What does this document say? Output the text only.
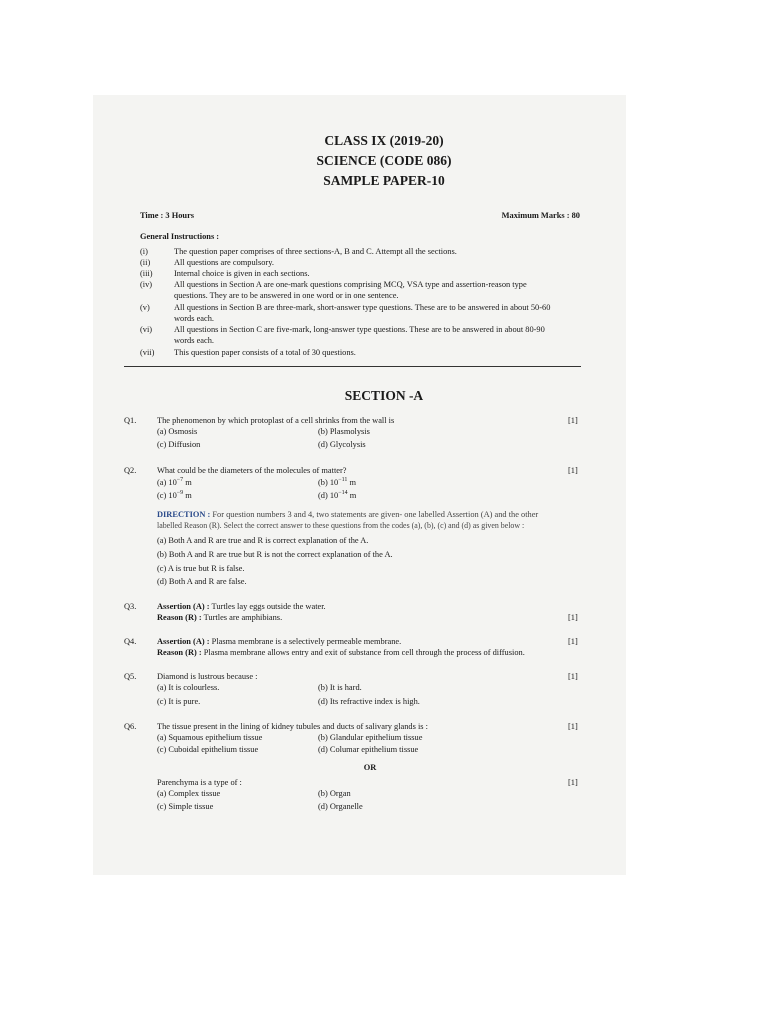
CLASS IX (2019-20)
SCIENCE (CODE 086)
SAMPLE PAPER-10
Time : 3 Hours	Maximum Marks : 80
General Instructions :
(i)	The question paper comprises of three sections-A, B and C. Attempt all the sections.
(ii)	All questions are compulsory.
(iii)	Internal choice is given in each sections.
(iv)	All questions in Section A are one-mark questions comprising MCQ, VSA type and assertion-reason type
questions. They are to be answered in one word or in one sentence.
(v)	All questions in Section B are three-mark, short-answer type questions. These are to be answered in about 50-60
words each.
(vi)	All questions in Section C are five-mark, long-answer type questions. These are to be answered in about 80-90
words each.
(vii) This question paper consists of a total of 30 questions.
SECTION -A
Q1. The phenomenon by which protoplast of a cell shrinks from the wall is	[1]
(a) Osmosis	(b) Plasmolysis
(c) Diffusion	(d) Glycolysis
Q2. What could be the diameters of the molecules of matter?	[1]
(a) $10^{-7}$ m	(b) $10^{-11}$ m
(c) $10^{-9}$ m	(d) $10^{-14}$ m
DIRECTION : For question numbers 3 and 4, two statements are given- one labelled Assertion (A) and the other
labelled Reason (R). Select the correct answer to these questions from the codes (a), (b), (c) and (d) as given below :
(a) Both A and R are true and R is correct explanation of the A.
(b) Both A and R are true but R is not the correct explanation of the A.
(c) A is true but R is false.
(d) Both A and R are false.
Q3. Assertion (A) : Turtles lay eggs outside the water.
Reason (R) : Turtles are amphibians.	[1]
Q4. Assertion (A) : Plasma membrane is a selectively permeable membrane.	[1]
Reason (R) : Plasma membrane allows entry and exit of substance from cell through the process of diffusion.
Q5. Diamond is lustrous because :	[1]
(a) It is colourless.	(b) It is hard.
(c) It is pure.	(d) Its refractive index is high.
Q6. The tissue present in the lining of kidney tubules and ducts of salivary glands is :	[1]
(a) Squamous epithelium tissue	(b) Glandular epithelium tissue
(c) Cuboidal epithelium tissue	(d) Columar epithelium tissue
OR
Parenchyma is a type of :	[1]
(a) Complex tissue	(b) Organ
(c) Simple tissue	(d) Organelle
